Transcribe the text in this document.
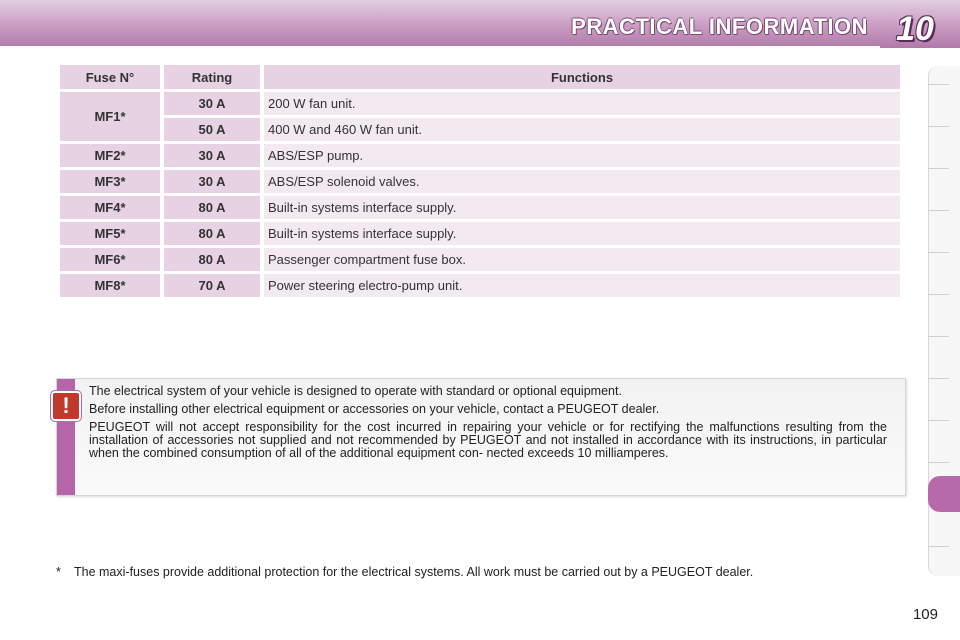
PRACTICAL INFORMATION 10
Fuse N°	Rating	Functions
MF1*	30 A	200 W fan unit.
	50 A	400 W and 460 W fan unit.
MF2*	30 A	ABS/ESP pump.
MF3*	30 A	ABS/ESP solenoid valves.
MF4*	80 A	Built-in systems interface supply.
MF5*	80 A	Built-in systems interface supply.
MF6*	80 A	Passenger compartment fuse box.
MF8*	70 A	Power steering electro-pump unit.
!

The electrical system of your vehicle is designed to operate with standard or optional equipment.

Before installing other electrical equipment or accessories on your vehicle, contact a PEUGEOT dealer.

PEUGEOT will not accept responsibility for the cost incurred in repairing your vehicle or for rectifying the malfunctions resulting from the installation of accessories not supplied and not recommended by PEUGEOT and not installed in accordance with its instructions, in particular when the combined consumption of all of the additional equipment con- nected exceeds 10 milliamperes.

* The maxi-fuses provide additional protection for the electrical systems. All work must be carried out by a PEUGEOT dealer.
109
